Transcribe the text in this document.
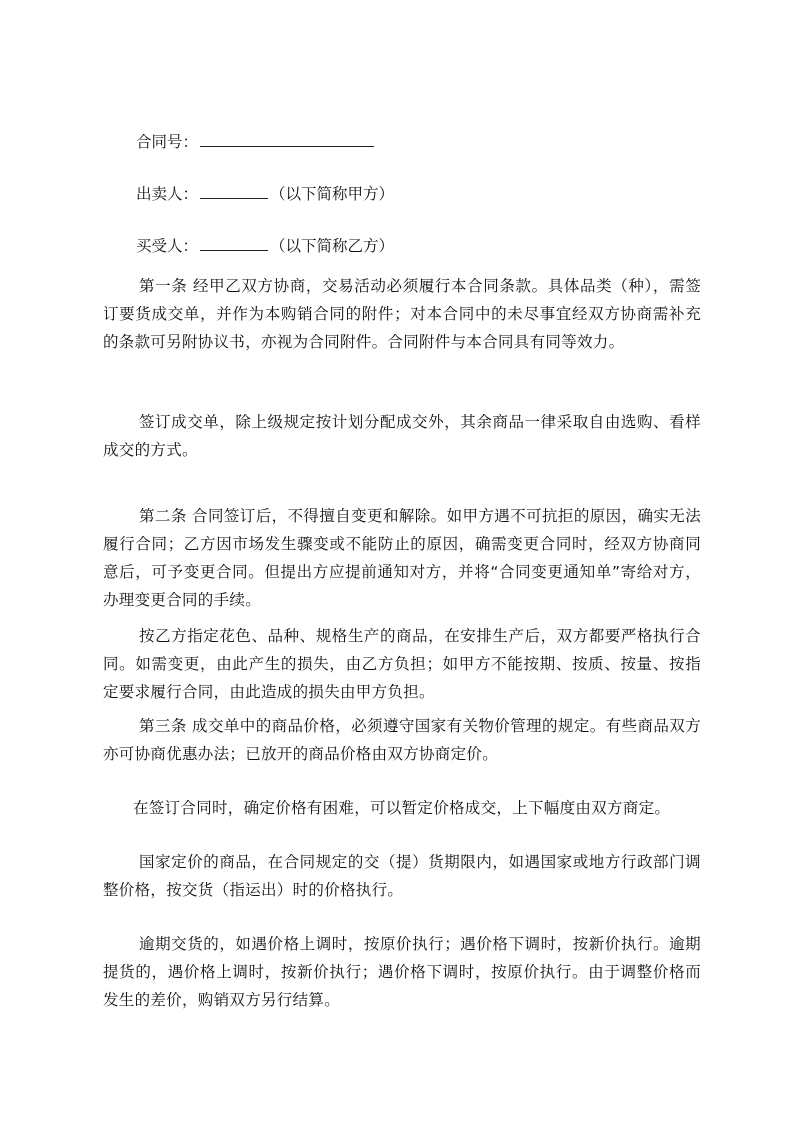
合同号：
出卖人：	（以下简称甲方）
买受人：	（以下简称乙方）

第一条 经甲乙双方协商，交易活动必须履行本合同条款。具体品类（种），需签订要货成交单，并作为本购销合同的附件；对本合同中的未尽事宜经双方协商需补充的条款可另附协议书，亦视为合同附件。合同附件与本合同具有同等效力。

签订成交单，除上级规定按计划分配成交外，其余商品一律采取自由选购、看样成交的方式。

第二条 合同签订后，不得擅自变更和解除。如甲方遇不可抗拒的原因，确实无法履行合同；乙方因市场发生骤变或不能防止的原因，确需变更合同时，经双方协商同意后，可予变更合同。但提出方应提前通知对方，并将“合同变更通知单”寄给对方，办理变更合同的手续。

按乙方指定花色、品种、规格生产的商品，在安排生产后，双方都要严格执行合同。如需变更，由此产生的损失，由乙方负担；如甲方不能按期、按质、按量、按指定要求履行合同，由此造成的损失由甲方负担。

第三条 成交单中的商品价格，必须遵守国家有关物价管理的规定。有些商品双方亦可协商优惠办法；已放开的商品价格由双方协商定价。

在签订合同时，确定价格有困难，可以暂定价格成交，上下幅度由双方商定。

国家定价的商品，在合同规定的交（提）货期限内，如遇国家或地方行政部门调整价格，按交货（指运出）时的价格执行。

逾期交货的，如遇价格上调时，按原价执行；遇价格下调时，按新价执行。逾期提货的，遇价格上调时，按新价执行；遇价格下调时，按原价执行。由于调整价格而发生的差价，购销双方另行结算。
